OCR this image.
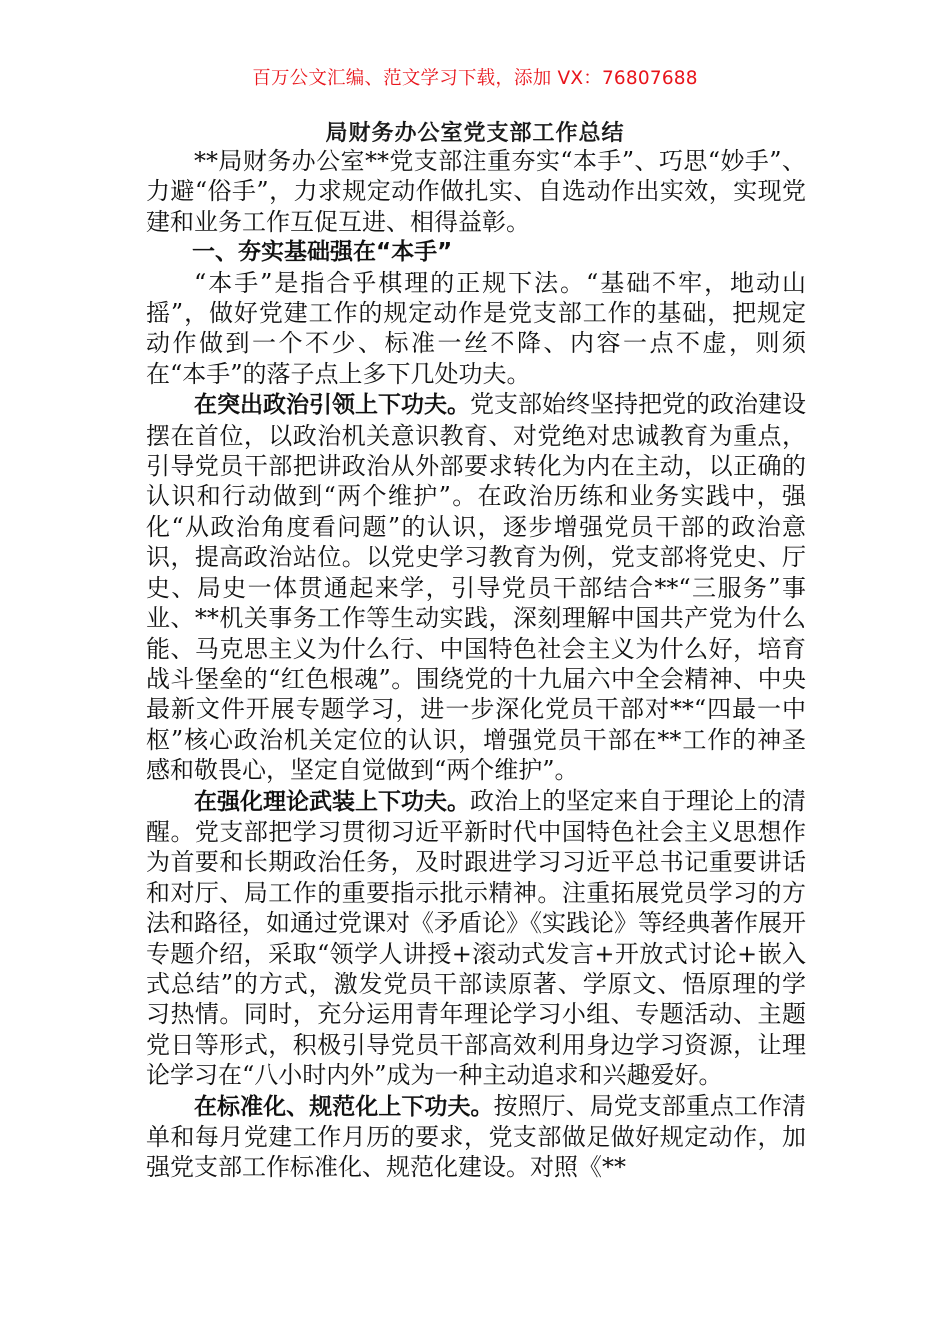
百万公文汇编、范文学习下载，添加 VX：76807688
局财务办公室党支部工作总结

**局财务办公室**党支部注重夯实“本手”、巧思“妙手”、力避“俗手”，力求规定动作做扎实、自选动作出实效，实现党建和业务工作互促互进、相得益彰。

一、夯实基础强在“本手”

“本手”是指合乎棋理的正规下法。“基础不牢，地动山摇”，做好党建工作的规定动作是党支部工作的基础，把规定动作做到一个不少、标准一丝不降、内容一点不虚，则须在“本手”的落子点上多下几处功夫。

在突出政治引领上下功夫。党支部始终坚持把党的政治建设摆在首位，以政治机关意识教育、对党绝对忠诚教育为重点，引导党员干部把讲政治从外部要求转化为内在主动，以正确的认识和行动做到“两个维护”。在政治历练和业务实践中，强化“从政治角度看问题”的认识，逐步增强党员干部的政治意识，提高政治站位。以党史学习教育为例，党支部将党史、厅史、局史一体贯通起来学，引导党员干部结合**“三服务”事业、**机关事务工作等生动实践，深刻理解中国共产党为什么能、马克思主义为什么行、中国特色社会主义为什么好，培育战斗堡垒的“红色根魂”。围绕党的十九届六中全会精神、中央最新文件开展专题学习，进一步深化党员干部对**“四最一中枢”核心政治机关定位的认识，增强党员干部在**工作的神圣感和敬畏心，坚定自觉做到“两个维护”。

在强化理论武装上下功夫。政治上的坚定来自于理论上的清醒。党支部把学习贯彻习近平新时代中国特色社会主义思想作为首要和长期政治任务，及时跟进学习习近平总书记重要讲话和对厅、局工作的重要指示批示精神。注重拓展党员学习的方法和路径，如通过党课对《矛盾论》《实践论》等经典著作展开专题介绍，采取“领学人讲授+滚动式发言+开放式讨论+嵌入式总结”的方式，激发党员干部读原著、学原文、悟原理的学习热情。同时，充分运用青年理论学习小组、专题活动、主题党日等形式，积极引导党员干部高效利用身边学习资源，让理论学习在“八小时内外”成为一种主动追求和兴趣爱好。

在标准化、规范化上下功夫。按照厅、局党支部重点工作清单和每月党建工作月历的要求，党支部做足做好规定动作，加强党支部工作标准化、规范化建设。对照《**
